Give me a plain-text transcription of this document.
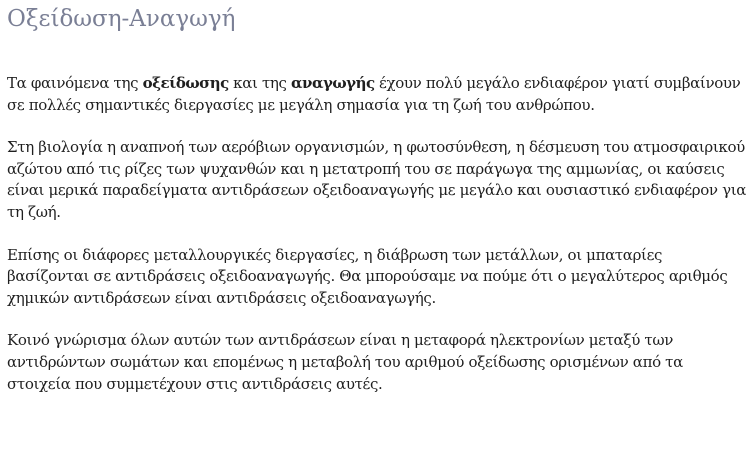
Οξείδωση-Αναγωγή

Τα φαινόμενα της οξείδωσης και της αναγωγής έχουν πολύ μεγάλο ενδιαφέρον γιατί συμβαίνουν σε πολλές σημαντικές διεργασίες με μεγάλη σημασία για τη ζωή του ανθρώπου.

Στη βιολογία η αναπνοή των αερόβιων οργανισμών, η φωτοσύνθεση, η δέσμευση του ατμοσφαιρικού αζώτου από τις ρίζες των ψυχανθών και η μετατροπή του σε παράγωγα της αμμωνίας, οι καύσεις είναι μερικά παραδείγματα αντιδράσεων οξειδοαναγωγής με μεγάλο και ουσιαστικό ενδιαφέρον για τη ζωή.

Επίσης οι διάφορες μεταλλουργικές διεργασίες, η διάβρωση των μετάλλων, οι μπαταρίες βασίζονται σε αντιδράσεις οξειδοαναγωγής. Θα μπορούσαμε να πούμε ότι ο μεγαλύτερος αριθμός χημικών αντιδράσεων είναι αντιδράσεις οξειδοαναγωγής.

Κοινό γνώρισμα όλων αυτών των αντιδράσεων είναι η μεταφορά ηλεκτρονίων μεταξύ των αντιδρώντων σωμάτων και επομένως η μεταβολή του αριθμού οξείδωσης ορισμένων από τα στοιχεία που συμμετέχουν στις αντιδράσεις αυτές.
